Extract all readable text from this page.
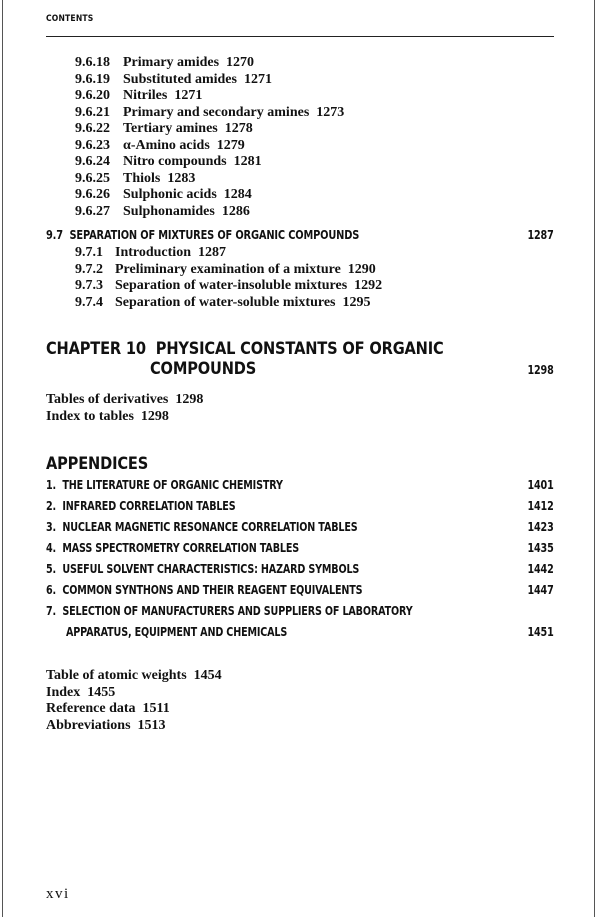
CONTENTS
9.6.18 Primary amides 1270
9.6.19 Substituted amides 1271
9.6.20 Nitriles 1271
9.6.21 Primary and secondary amines 1273
9.6.22 Tertiary amines 1278
9.6.23 α-Amino acids 1279
9.6.24 Nitro compounds 1281
9.6.25 Thiols 1283
9.6.26 Sulphonic acids 1284
9.6.27 Sulphonamides 1286
9.7 SEPARATION OF MIXTURES OF ORGANIC COMPOUNDS	1287
9.7.1 Introduction 1287
9.7.2 Preliminary examination of a mixture 1290
9.7.3 Separation of water-insoluble mixtures 1292
9.7.4 Separation of water-soluble mixtures 1295
CHAPTER 10 PHYSICAL CONSTANTS OF ORGANIC
COMPOUNDS	1298
Tables of derivatives 1298
Index to tables 1298
APPENDICES
1. THE LITERATURE OF ORGANIC CHEMISTRY	1401
2. INFRARED CORRELATION TABLES	1412
3. NUCLEAR MAGNETIC RESONANCE CORRELATION TABLES	1423
4. MASS SPECTROMETRY CORRELATION TABLES	1435
5. USEFUL SOLVENT CHARACTERISTICS: HAZARD SYMBOLS	1442
6. COMMON SYNTHONS AND THEIR REAGENT EQUIVALENTS	1447
7. SELECTION OF MANUFACTURERS AND SUPPLIERS OF LABORATORY
APPARATUS, EQUIPMENT AND CHEMICALS	1451
Table of atomic weights 1454
Index 1455
Reference data 1511
Abbreviations 1513
xvi
